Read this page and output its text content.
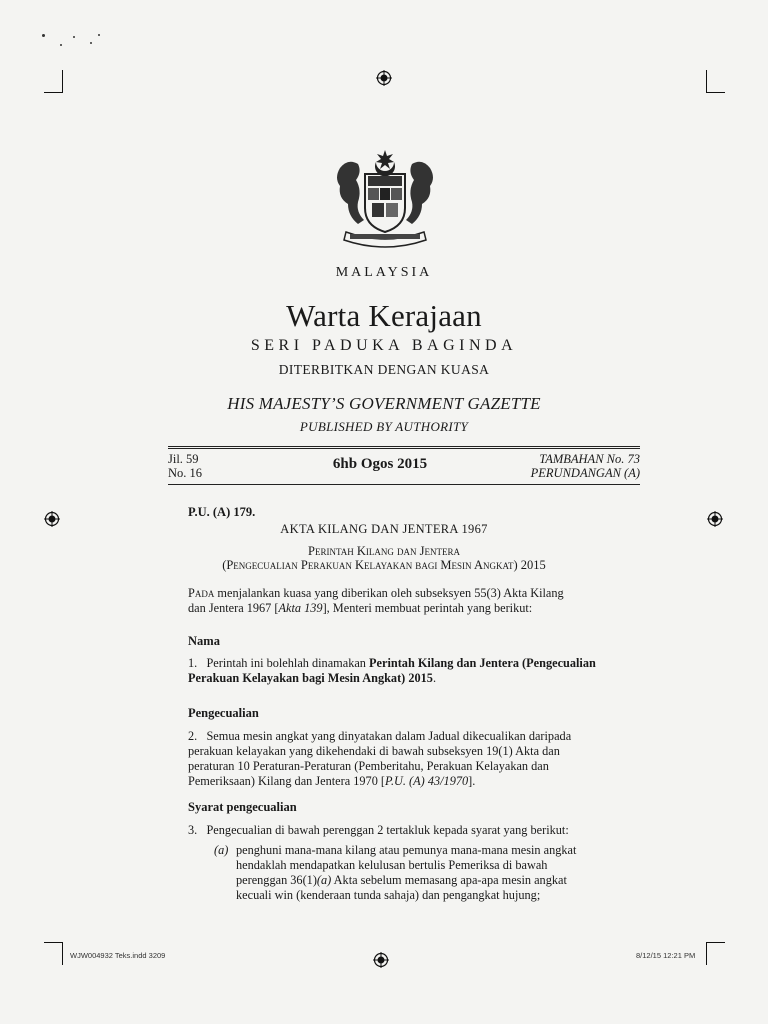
MALAYSIA
Warta Kerajaan
SERI PADUKA BAGINDA
DITERBITKAN DENGAN KUASA
HIS MAJESTY’S GOVERNMENT GAZETTE
PUBLISHED BY AUTHORITY
Jil. 59
No. 16
6hb Ogos 2015	TAMBAHAN No. 73
PERUNDANGAN (A)
P.U. (A) 179.
AKTA KILANG DAN JENTERA 1967
Perintah Kilang dan Jentera
(Pengecualian Perakuan Kelayakan bagi Mesin Angkat) 2015
Pada menjalankan kuasa yang diberikan oleh subseksyen 55(3) Akta Kilang
dan Jentera 1967 [Akta 139], Menteri membuat perintah yang berikut:
Nama
1. Perintah ini bolehlah dinamakan Perintah Kilang dan Jentera (Pengecualian
Perakuan Kelayakan bagi Mesin Angkat) 2015.
Pengecualian
2. Semua mesin angkat yang dinyatakan dalam Jadual dikecualikan daripada
perakuan kelayakan yang dikehendaki di bawah subseksyen 19(1) Akta dan
peraturan 10 Peraturan-Peraturan (Pemberitahu, Perakuan Kelayakan dan
Pemeriksaan) Kilang dan Jentera 1970 [P.U. (A) 43/1970].
Syarat pengecualian
3. Pengecualian di bawah perenggan 2 tertakluk kepada syarat yang berikut:
(a) penghuni mana-mana kilang atau pemunya mana-mana mesin angkat
hendaklah mendapatkan kelulusan bertulis Pemeriksa di bawah
perenggan 36(1)(a) Akta sebelum memasang apa-apa mesin angkat
kecuali win (kenderaan tunda sahaja) dan pengangkat hujung;
WJW004932 Teks.indd 3209	8/12/15 12:21 PM
